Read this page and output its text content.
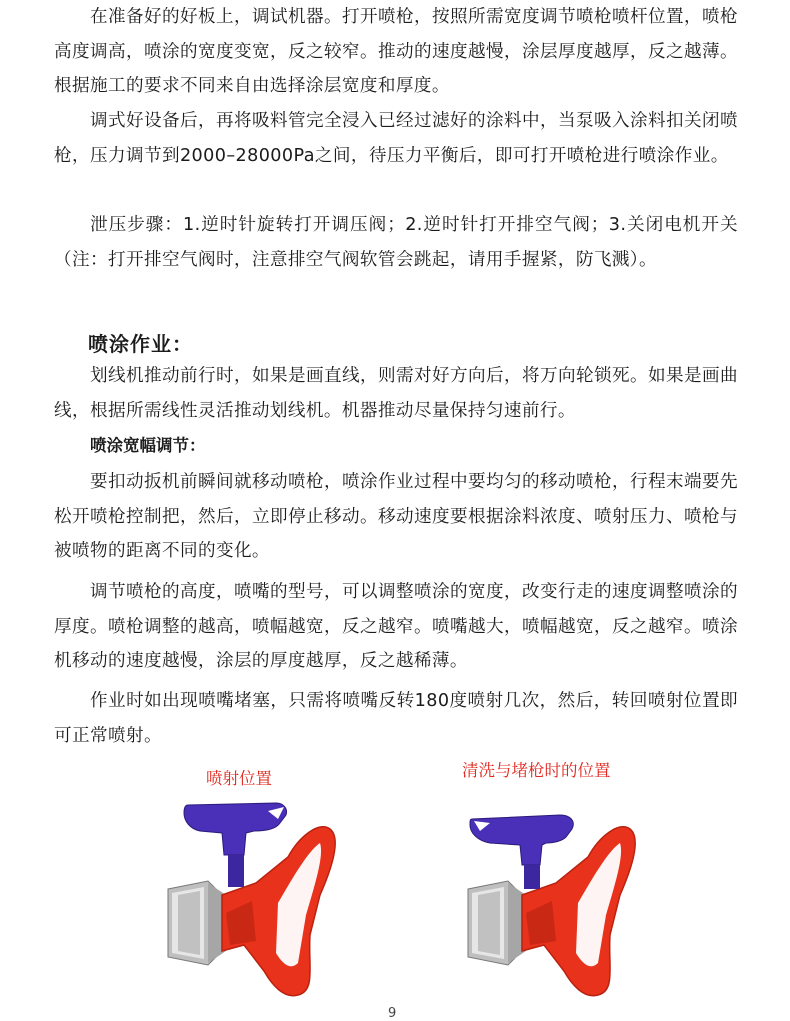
在准备好的好板上，调试机器。打开喷枪，按照所需宽度调节喷枪喷杆位置，喷枪高度调高，喷涂的宽度变宽，反之较窄。推动的速度越慢，涂层厚度越厚，反之越薄。根据施工的要求不同来自由选择涂层宽度和厚度。

调式好设备后，再将吸料管完全浸入已经过滤好的涂料中，当泵吸入涂料扣关闭喷枪，压力调节到2000–28000Pa之间，待压力平衡后，即可打开喷枪进行喷涂作业。

泄压步骤：1.逆时针旋转打开调压阀；2.逆时针打开排空气阀；3.关闭电机开关（注：打开排空气阀时，注意排空气阀软管会跳起，请用手握紧，防飞溅）。

喷涂作业：

划线机推动前行时，如果是画直线，则需对好方向后，将万向轮锁死。如果是画曲线，根据所需线性灵活推动划线机。机器推动尽量保持匀速前行。

喷涂宽幅调节：

要扣动扳机前瞬间就移动喷枪，喷涂作业过程中要均匀的移动喷枪，行程末端要先松开喷枪控制把，然后，立即停止移动。移动速度要根据涂料浓度、喷射压力、喷枪与被喷物的距离不同的变化。

调节喷枪的高度，喷嘴的型号，可以调整喷涂的宽度，改变行走的速度调整喷涂的厚度。喷枪调整的越高，喷幅越宽，反之越窄。喷嘴越大，喷幅越宽，反之越窄。喷涂机移动的速度越慢，涂层的厚度越厚，反之越稀薄。

作业时如出现喷嘴堵塞，只需将喷嘴反转180度喷射几次，然后，转回喷射位置即可正常喷射。

喷射位置	清洗与堵枪时的位置

9
